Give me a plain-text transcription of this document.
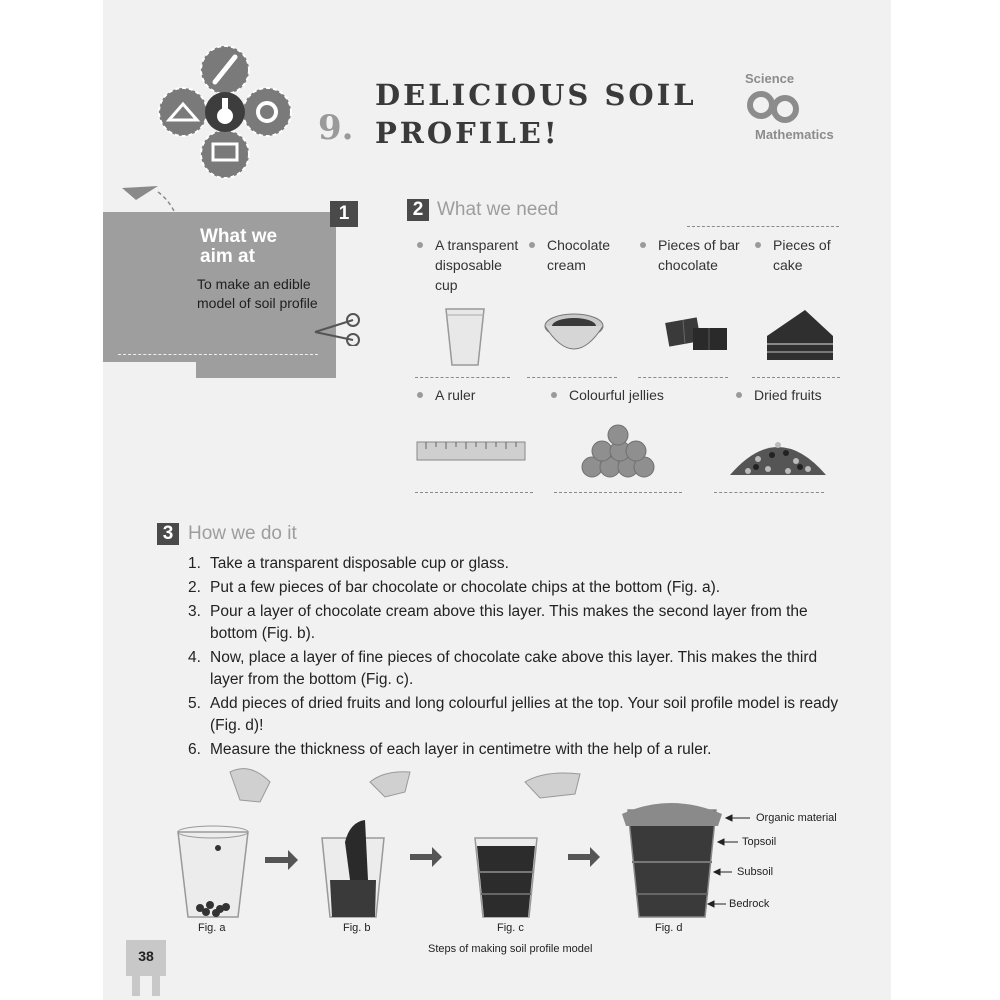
9.
DELICIOUS SOIL
PROFILE!
Science
Mathematics
1
What we
aim at
To make an edible model of soil profile
2 What we need
A transparent disposable cup
Chocolate cream
Pieces of bar chocolate
Pieces of cake
A ruler	Colourful jellies	Dried fruits
3 How we do it
1. Take a transparent disposable cup or glass.
2. Put a few pieces of bar chocolate or chocolate chips at the bottom (Fig. a).
3. Pour a layer of chocolate cream above this layer. This makes the second layer from the bottom (Fig. b).
4. Now, place a layer of fine pieces of chocolate cake above this layer. This makes the third layer from the bottom (Fig. c).
5. Add pieces of dried fruits and long colourful jellies at the top. Your soil profile model is ready (Fig. d)!
6. Measure the thickness of each layer in centimetre with the help of a ruler.
Organic material
Topsoil
Subsoil
Bedrock
Fig. a	Fig. b	Fig. c	Fig. d
Steps of making soil profile model
38
